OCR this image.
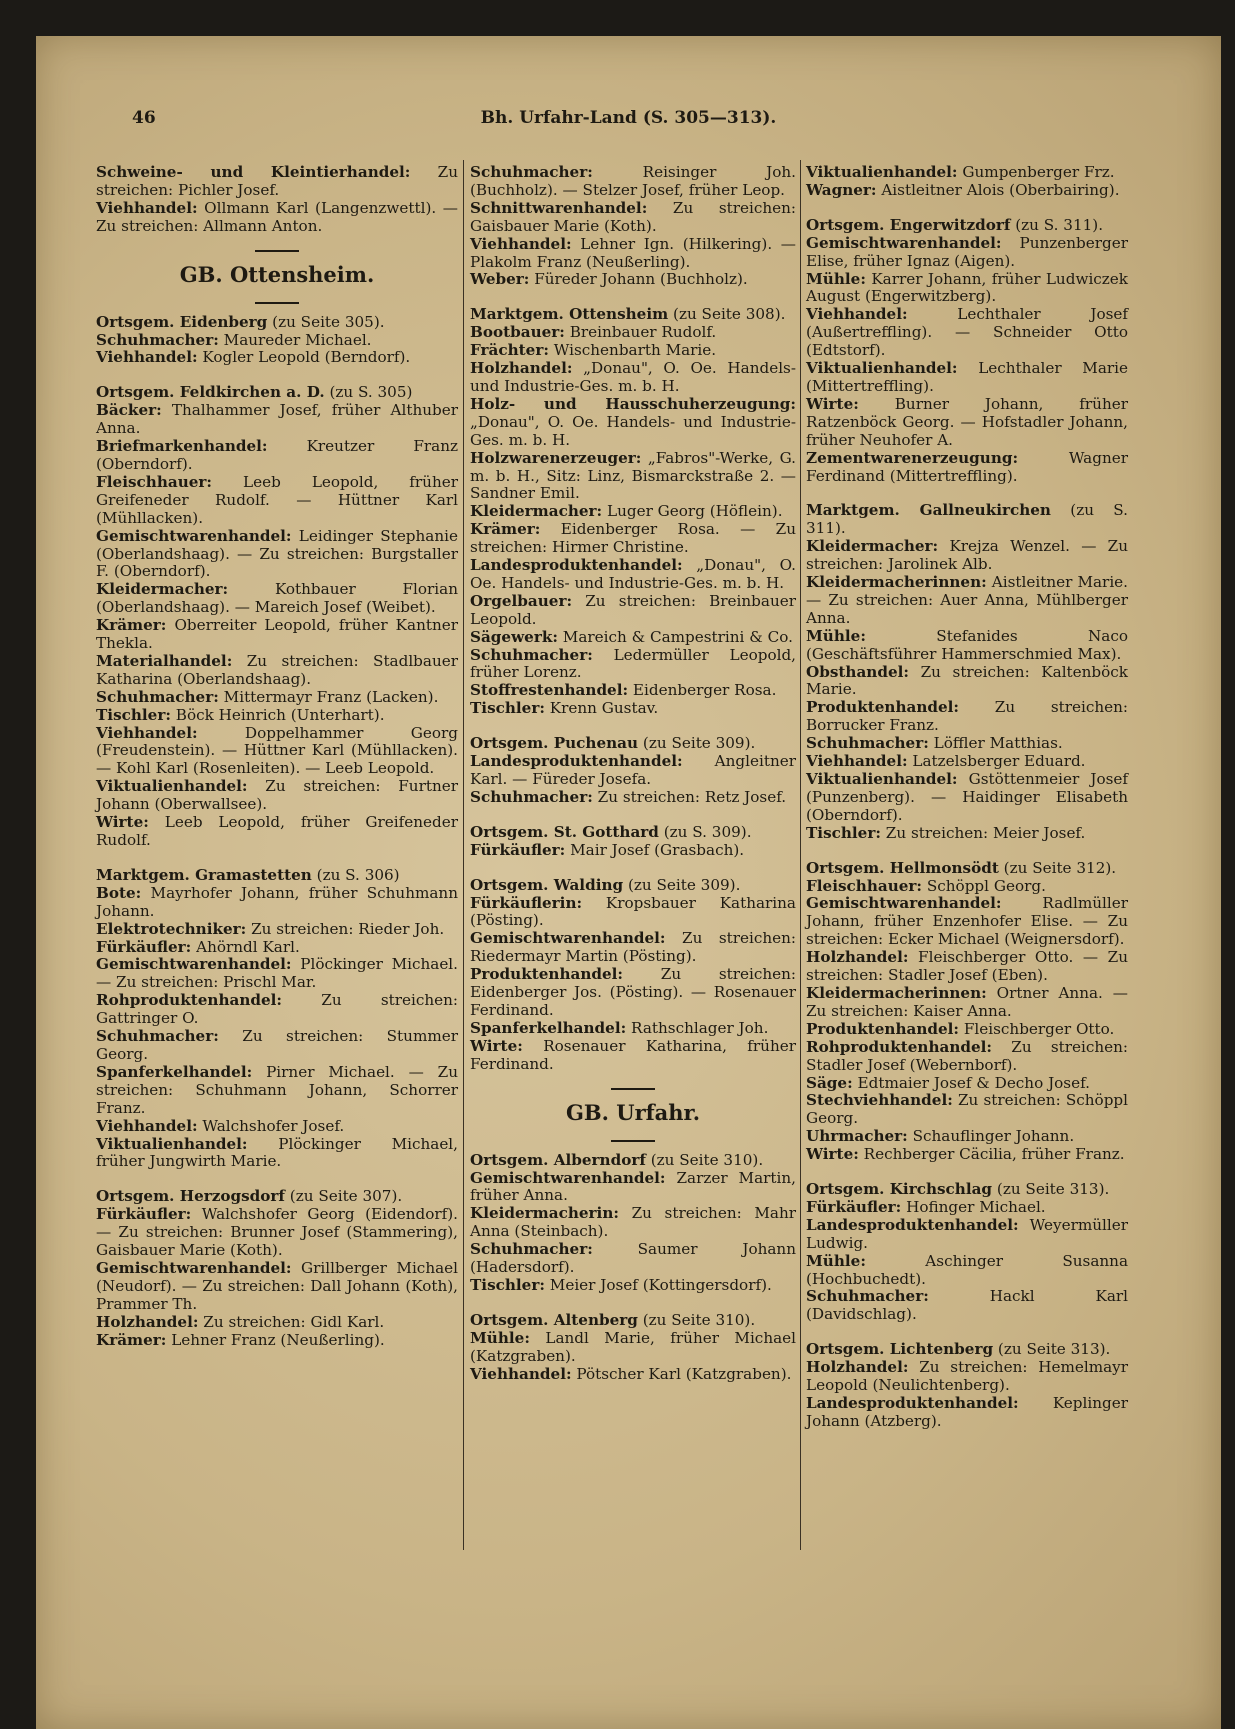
46	Bh. Urfahr-Land (S. 305—313).

Schweine- und Kleintierhandel: Zu streichen: Pichler Josef.

Viehhandel: Ollmann Karl (Langenzwettl). — Zu streichen: Allmann Anton.

GB. Ottensheim.

Ortsgem. Eidenberg (zu Seite 305).

Schuhmacher: Maureder Michael.

Viehhandel: Kogler Leopold (Berndorf).

Ortsgem. Feldkirchen a. D. (zu S. 305)

Bäcker: Thalhammer Josef, früher Althuber Anna.

Briefmarkenhandel: Kreutzer Franz (Oberndorf).

Fleischhauer: Leeb Leopold, früher Greifeneder Rudolf. — Hüttner Karl (Mühllacken).

Gemischtwarenhandel: Leidinger Stephanie (Oberlandshaag). — Zu streichen: Burgstaller F. (Oberndorf).

Kleidermacher: Kothbauer Florian (Oberlandshaag). — Mareich Josef (Weibet).

Krämer: Oberreiter Leopold, früher Kantner Thekla.

Materialhandel: Zu streichen: Stadlbauer Katharina (Oberlandshaag).

Schuhmacher: Mittermayr Franz (Lacken).

Tischler: Böck Heinrich (Unterhart).

Viehhandel: Doppelhammer Georg (Freudenstein). — Hüttner Karl (Mühllacken). — Kohl Karl (Rosenleiten). — Leeb Leopold.

Viktualienhandel: Zu streichen: Furtner Johann (Oberwallsee).

Wirte: Leeb Leopold, früher Greifeneder Rudolf.

Marktgem. Gramastetten (zu S. 306)

Bote: Mayrhofer Johann, früher Schuhmann Johann.

Elektrotechniker: Zu streichen: Rieder Joh.

Fürkäufler: Ahörndl Karl.

Gemischtwarenhandel: Plöckinger Michael. — Zu streichen: Prischl Mar.

Rohproduktenhandel: Zu streichen: Gattringer O.

Schuhmacher: Zu streichen: Stummer Georg.

Spanferkelhandel: Pirner Michael. — Zu streichen: Schuhmann Johann, Schorrer Franz.

Viehhandel: Walchshofer Josef.

Viktualienhandel: Plöckinger Michael, früher Jungwirth Marie.

Ortsgem. Herzogsdorf (zu Seite 307).

Fürkäufler: Walchshofer Georg (Eidendorf). — Zu streichen: Brunner Josef (Stammering), Gaisbauer Marie (Koth).

Gemischtwarenhandel: Grillberger Michael (Neudorf). — Zu streichen: Dall Johann (Koth), Prammer Th.

Holzhandel: Zu streichen: Gidl Karl.

Krämer: Lehner Franz (Neußerling).

Schuhmacher: Reisinger Joh. (Buchholz). — Stelzer Josef, früher Leop.

Schnittwarenhandel: Zu streichen: Gaisbauer Marie (Koth).

Viehhandel: Lehner Ign. (Hilkering). — Plakolm Franz (Neußerling).

Weber: Füreder Johann (Buchholz).

Marktgem. Ottensheim (zu Seite 308).

Bootbauer: Breinbauer Rudolf.

Frächter: Wischenbarth Marie.

Holzhandel: „Donau", O. Oe. Handels- und Industrie-Ges. m. b. H.

Holz- und Hausschuherzeugung: „Donau", O. Oe. Handels- und Industrie-Ges. m. b. H.

Holzwarenerzeuger: „Fabros"-Werke, G. m. b. H., Sitz: Linz, Bismarckstraße 2. — Sandner Emil.

Kleidermacher: Luger Georg (Höflein).

Krämer: Eidenberger Rosa. — Zu streichen: Hirmer Christine.

Landesproduktenhandel: „Donau", O. Oe. Handels- und Industrie-Ges. m. b. H.

Orgelbauer: Zu streichen: Breinbauer Leopold.

Sägewerk: Mareich & Campestrini & Co.

Schuhmacher: Ledermüller Leopold, früher Lorenz.

Stoffrestenhandel: Eidenberger Rosa.

Tischler: Krenn Gustav.

Ortsgem. Puchenau (zu Seite 309).

Landesproduktenhandel: Angleitner Karl. — Füreder Josefa.

Schuhmacher: Zu streichen: Retz Josef.

Ortsgem. St. Gotthard (zu S. 309).

Fürkäufler: Mair Josef (Grasbach).

Ortsgem. Walding (zu Seite 309).

Fürkäuflerin: Kropsbauer Katharina (Pösting).

Gemischtwarenhandel: Zu streichen: Riedermayr Martin (Pösting).

Produktenhandel: Zu streichen: Eidenberger Jos. (Pösting). — Rosenauer Ferdinand.

Spanferkelhandel: Rathschlager Joh.

Wirte: Rosenauer Katharina, früher Ferdinand.

GB. Urfahr.

Ortsgem. Alberndorf (zu Seite 310).

Gemischtwarenhandel: Zarzer Martin, früher Anna.

Kleidermacherin: Zu streichen: Mahr Anna (Steinbach).

Schuhmacher: Saumer Johann (Hadersdorf).

Tischler: Meier Josef (Kottingersdorf).

Ortsgem. Altenberg (zu Seite 310).

Mühle: Landl Marie, früher Michael (Katzgraben).

Viehhandel: Pötscher Karl (Katzgraben).

Viktualienhandel: Gumpenberger Frz.

Wagner: Aistleitner Alois (Oberbairing).

Ortsgem. Engerwitzdorf (zu S. 311).

Gemischtwarenhandel: Punzenberger Elise, früher Ignaz (Aigen).

Mühle: Karrer Johann, früher Ludwiczek August (Engerwitzberg).

Viehhandel: Lechthaler Josef (Außertreffling). — Schneider Otto (Edtstorf).

Viktualienhandel: Lechthaler Marie (Mittertreffling).

Wirte: Burner Johann, früher Ratzenböck Georg. — Hofstadler Johann, früher Neuhofer A.

Zementwarenerzeugung: Wagner Ferdinand (Mittertreffling).

Marktgem. Gallneukirchen (zu S. 311).

Kleidermacher: Krejza Wenzel. — Zu streichen: Jarolinek Alb.

Kleidermacherinnen: Aistleitner Marie. — Zu streichen: Auer Anna, Mühlberger Anna.

Mühle: Stefanides Naco (Geschäftsführer Hammerschmied Max).

Obsthandel: Zu streichen: Kaltenböck Marie.

Produktenhandel: Zu streichen: Borrucker Franz.

Schuhmacher: Löffler Matthias.

Viehhandel: Latzelsberger Eduard.

Viktualienhandel: Gstöttenmeier Josef (Punzenberg). — Haidinger Elisabeth (Oberndorf).

Tischler: Zu streichen: Meier Josef.

Ortsgem. Hellmonsödt (zu Seite 312).

Fleischhauer: Schöppl Georg.

Gemischtwarenhandel: Radlmüller Johann, früher Enzenhofer Elise. — Zu streichen: Ecker Michael (Weignersdorf).

Holzhandel: Fleischberger Otto. — Zu streichen: Stadler Josef (Eben).

Kleidermacherinnen: Ortner Anna. — Zu streichen: Kaiser Anna.

Produktenhandel: Fleischberger Otto.

Rohproduktenhandel: Zu streichen: Stadler Josef (Webernborf).

Säge: Edtmaier Josef & Decho Josef.

Stechviehhandel: Zu streichen: Schöppl Georg.

Uhrmacher: Schauflinger Johann.

Wirte: Rechberger Cäcilia, früher Franz.

Ortsgem. Kirchschlag (zu Seite 313).

Fürkäufler: Hofinger Michael.

Landesproduktenhandel: Weyermüller Ludwig.

Mühle: Aschinger Susanna (Hochbuchedt).

Schuhmacher: Hackl Karl (Davidschlag).

Ortsgem. Lichtenberg (zu Seite 313).

Holzhandel: Zu streichen: Hemelmayr Leopold (Neulichtenberg).

Landesproduktenhandel: Keplinger Johann (Atzberg).
